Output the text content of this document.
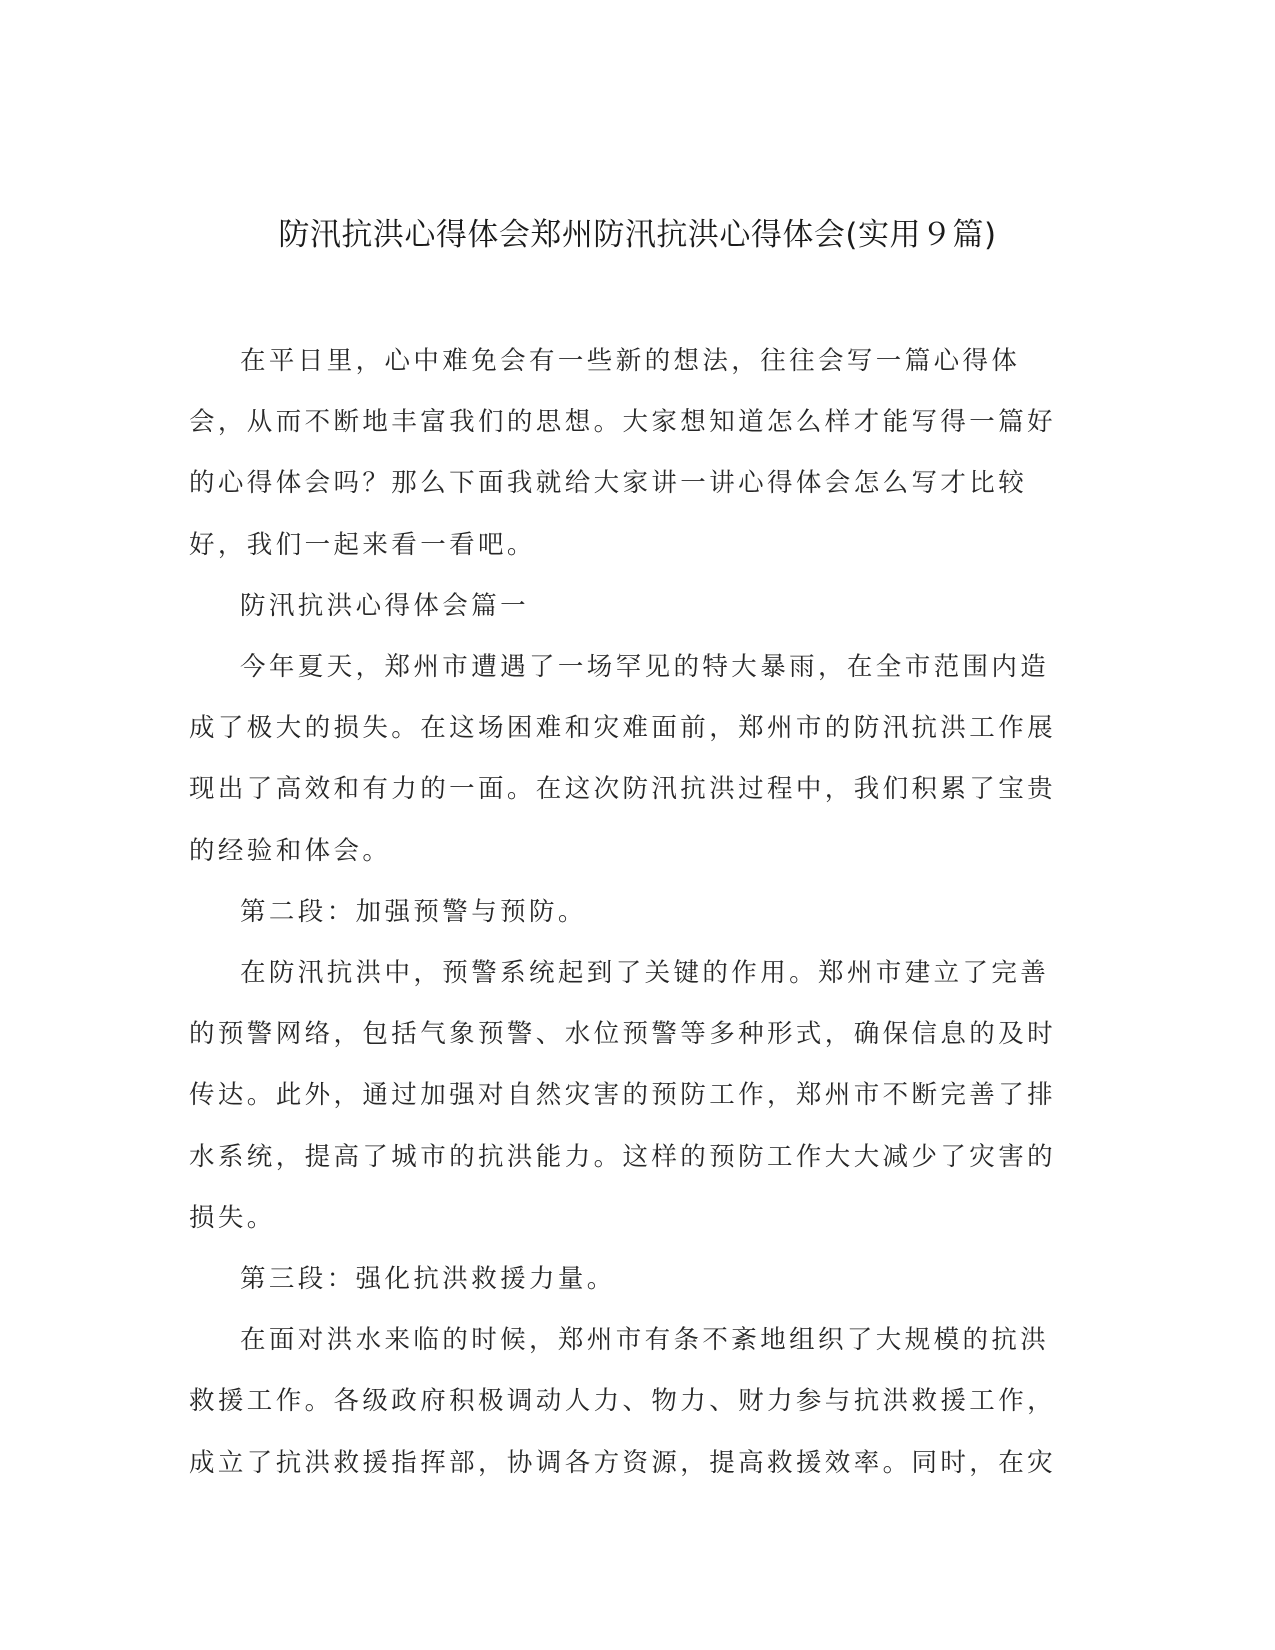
防汛抗洪心得体会郑州防汛抗洪心得体会(实用９篇)

在平日里，心中难免会有一些新的想法，往往会写一篇心得体会，从而不断地丰富我们的思想。大家想知道怎么样才能写得一篇好的心得体会吗？那么下面我就给大家讲一讲心得体会怎么写才比较好，我们一起来看一看吧。

防汛抗洪心得体会篇一

今年夏天，郑州市遭遇了一场罕见的特大暴雨，在全市范围内造成了极大的损失。在这场困难和灾难面前，郑州市的防汛抗洪工作展现出了高效和有力的一面。在这次防汛抗洪过程中，我们积累了宝贵的经验和体会。

第二段：加强预警与预防。

在防汛抗洪中，预警系统起到了关键的作用。郑州市建立了完善的预警网络，包括气象预警、水位预警等多种形式，确保信息的及时传达。此外，通过加强对自然灾害的预防工作，郑州市不断完善了排水系统，提高了城市的抗洪能力。这样的预防工作大大减少了灾害的损失。

第三段：强化抗洪救援力量。

在面对洪水来临的时候，郑州市有条不紊地组织了大规模的抗洪救援工作。各级政府积极调动人力、物力、财力参与抗洪救援工作，成立了抗洪救援指挥部，协调各方资源，提高救援效率。同时，在灾
